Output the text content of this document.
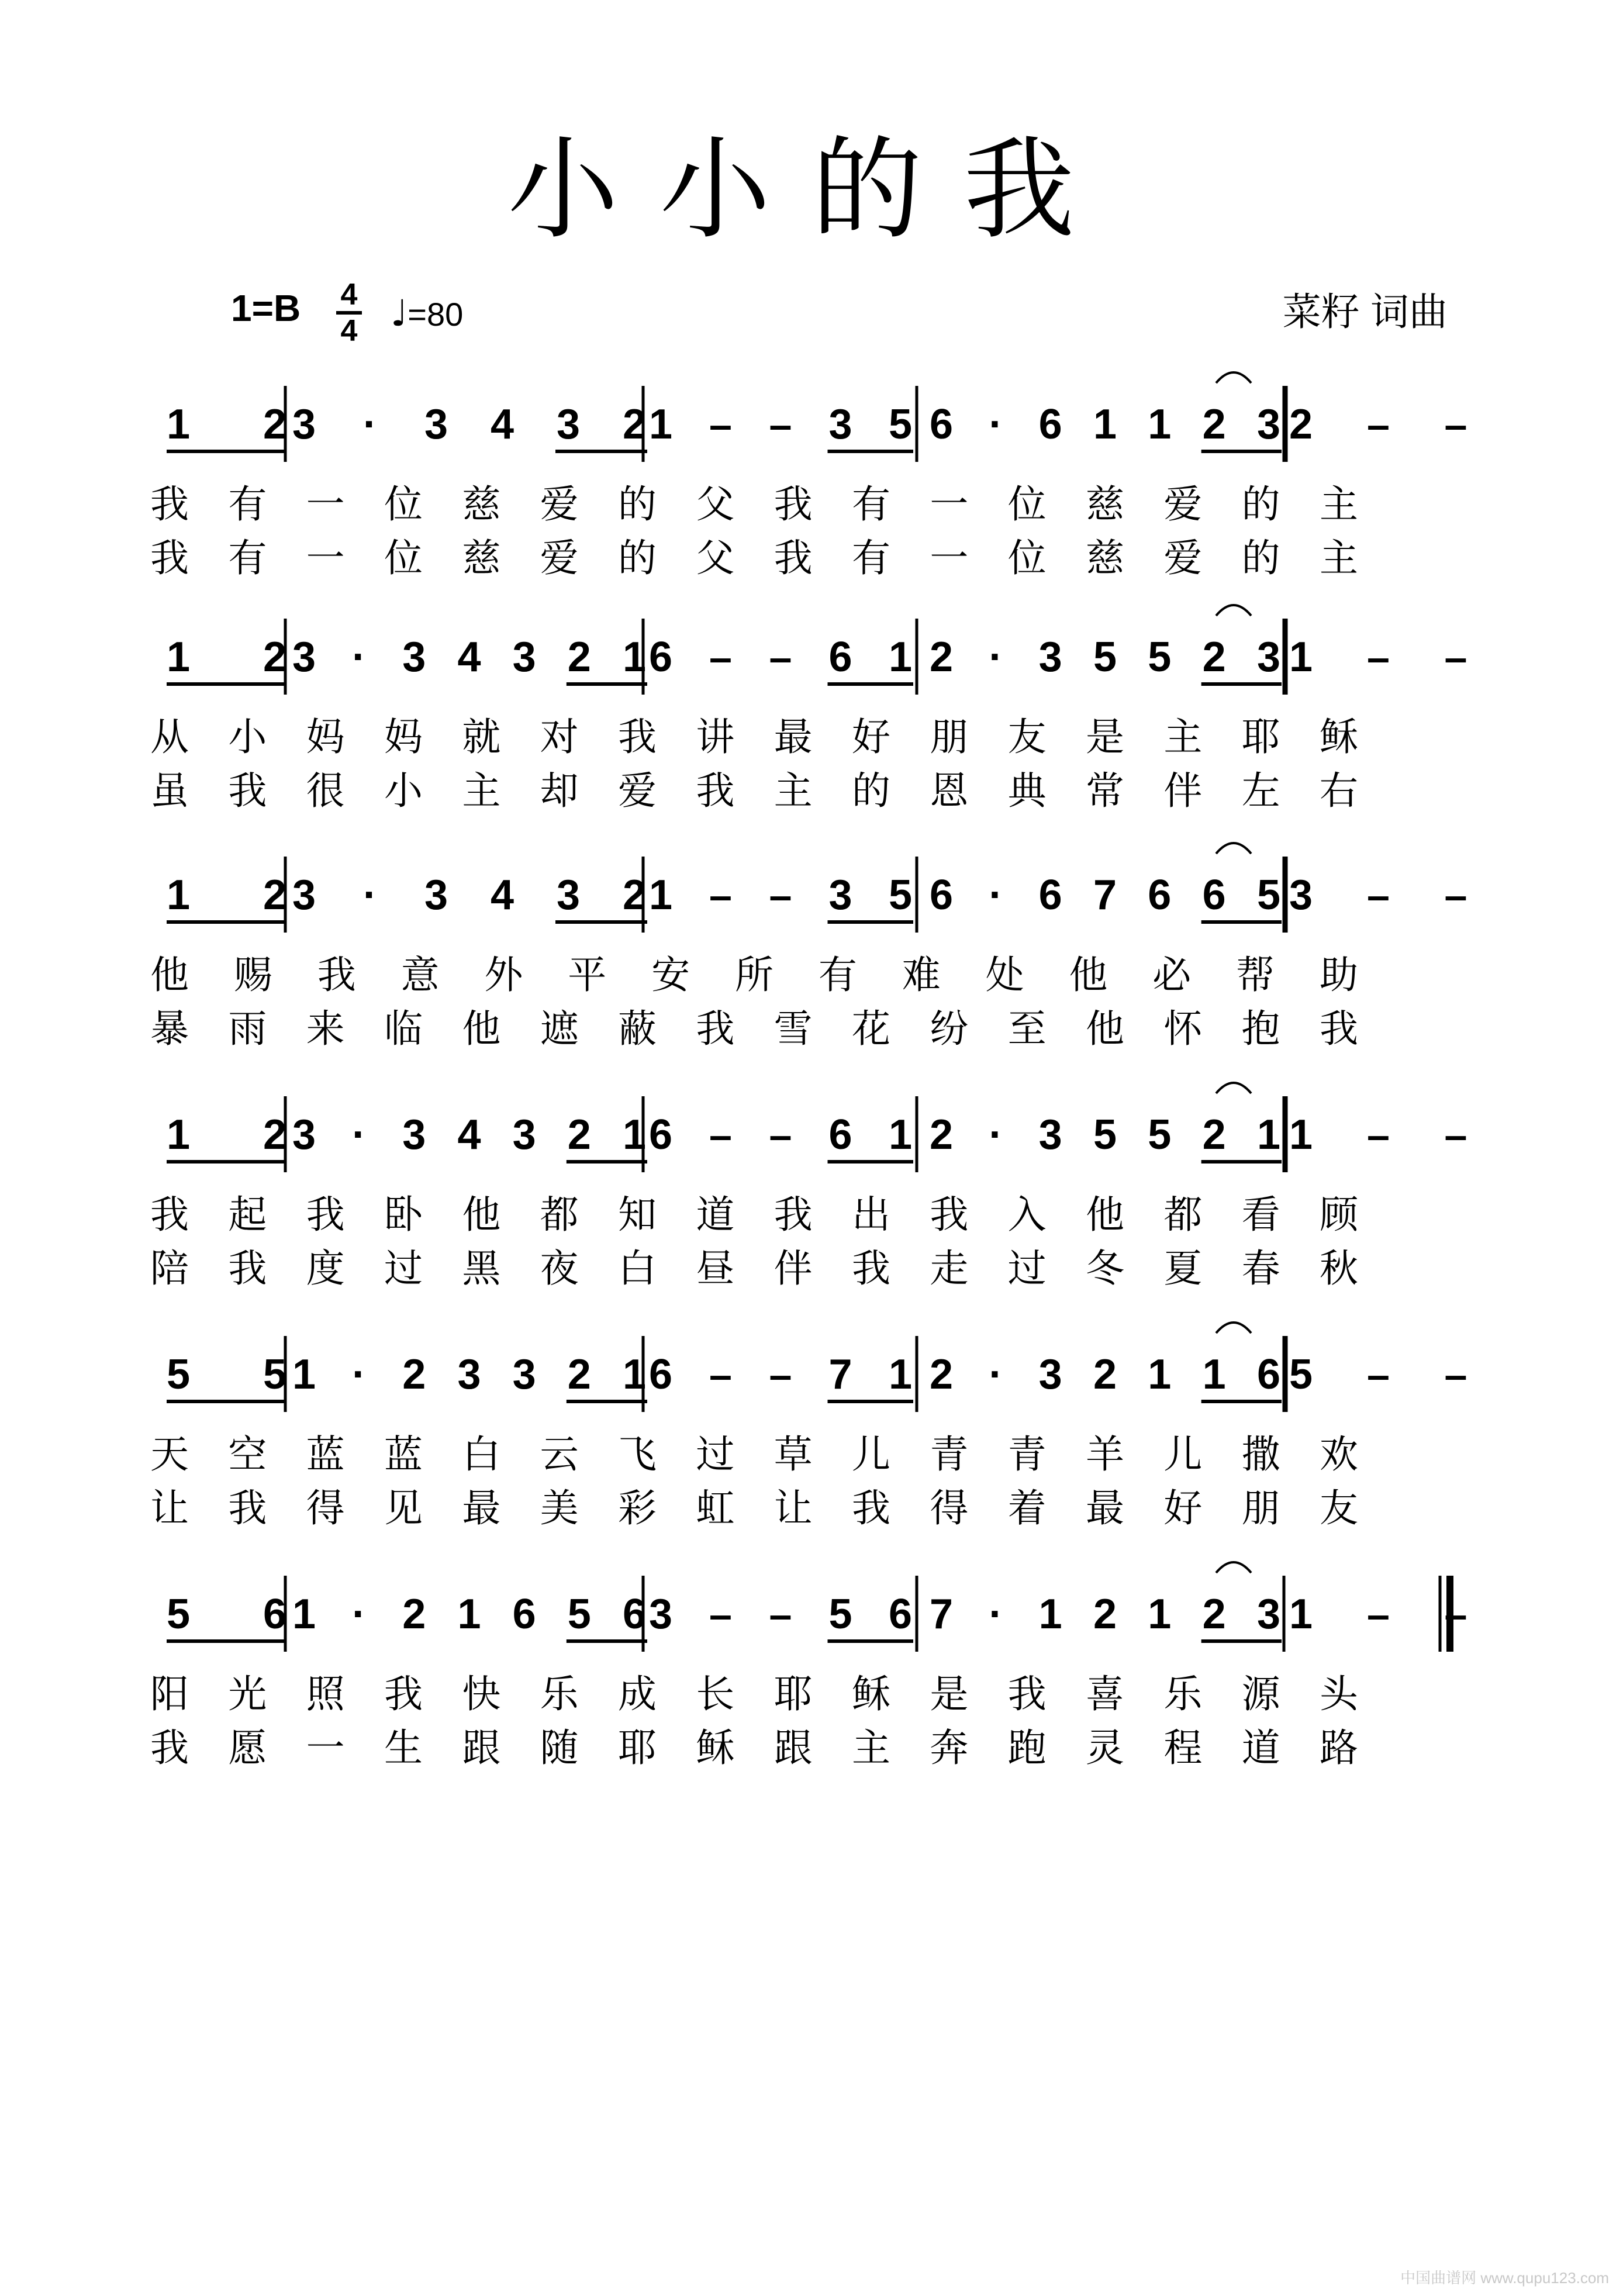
小小的我
1=B 4
4 ♩=80	菜籽 词曲
中国曲谱网 www.qupu123.com
1 2 3 · 3 4 3 2 1 – – 3 5 6 · 6 1 1 2 3 2 – –
我 有 一 位 慈 爱 的 父 我 有 一 位 慈 爱 的 主
我 有 一 位 慈 爱 的 父 我 有 一 位 慈 爱 的 主
1 2 3 · 3 4 3 2 1 6 – – 6 1 2 · 3 5 5 2 3 1 – –
从 小 妈 妈 就 对 我 讲 最 好 朋 友 是 主 耶 稣
虽 我 很 小 主 却 爱 我 主 的 恩 典 常 伴 左 右
1 2 3 · 3 4 3 2 1 – – 3 5 6 · 6 7 6 6 5 3 – –
他 赐 我 意 外 平 安 所 有 难 处 他 必 帮 助
暴 雨 来 临 他 遮 蔽 我 雪 花 纷 至 他 怀 抱 我
1 2 3 · 3 4 3 2 1 6 – – 6 1 2 · 3 5 5 2 1 1 – –
我 起 我 卧 他 都 知 道 我 出 我 入 他 都 看 顾
陪 我 度 过 黑 夜 白 昼 伴 我 走 过 冬 夏 春 秋
5 5 1 · 2 3 3 2 1 6 – – 7 1 2 · 3 2 1 1 6 5 – –
天 空 蓝 蓝 白 云 飞 过 草 儿 青 青 羊 儿 撒 欢
让 我 得 见 最 美 彩 虹 让 我 得 着 最 好 朋 友
5 6 1 · 2 1 6 5 6 3 – – 5 6 7 · 1 2 1 2 3 1 – –
阳 光 照 我 快 乐 成 长 耶 稣 是 我 喜 乐 源 头
我 愿 一 生 跟 随 耶 稣 跟 主 奔 跑 灵 程 道 路
